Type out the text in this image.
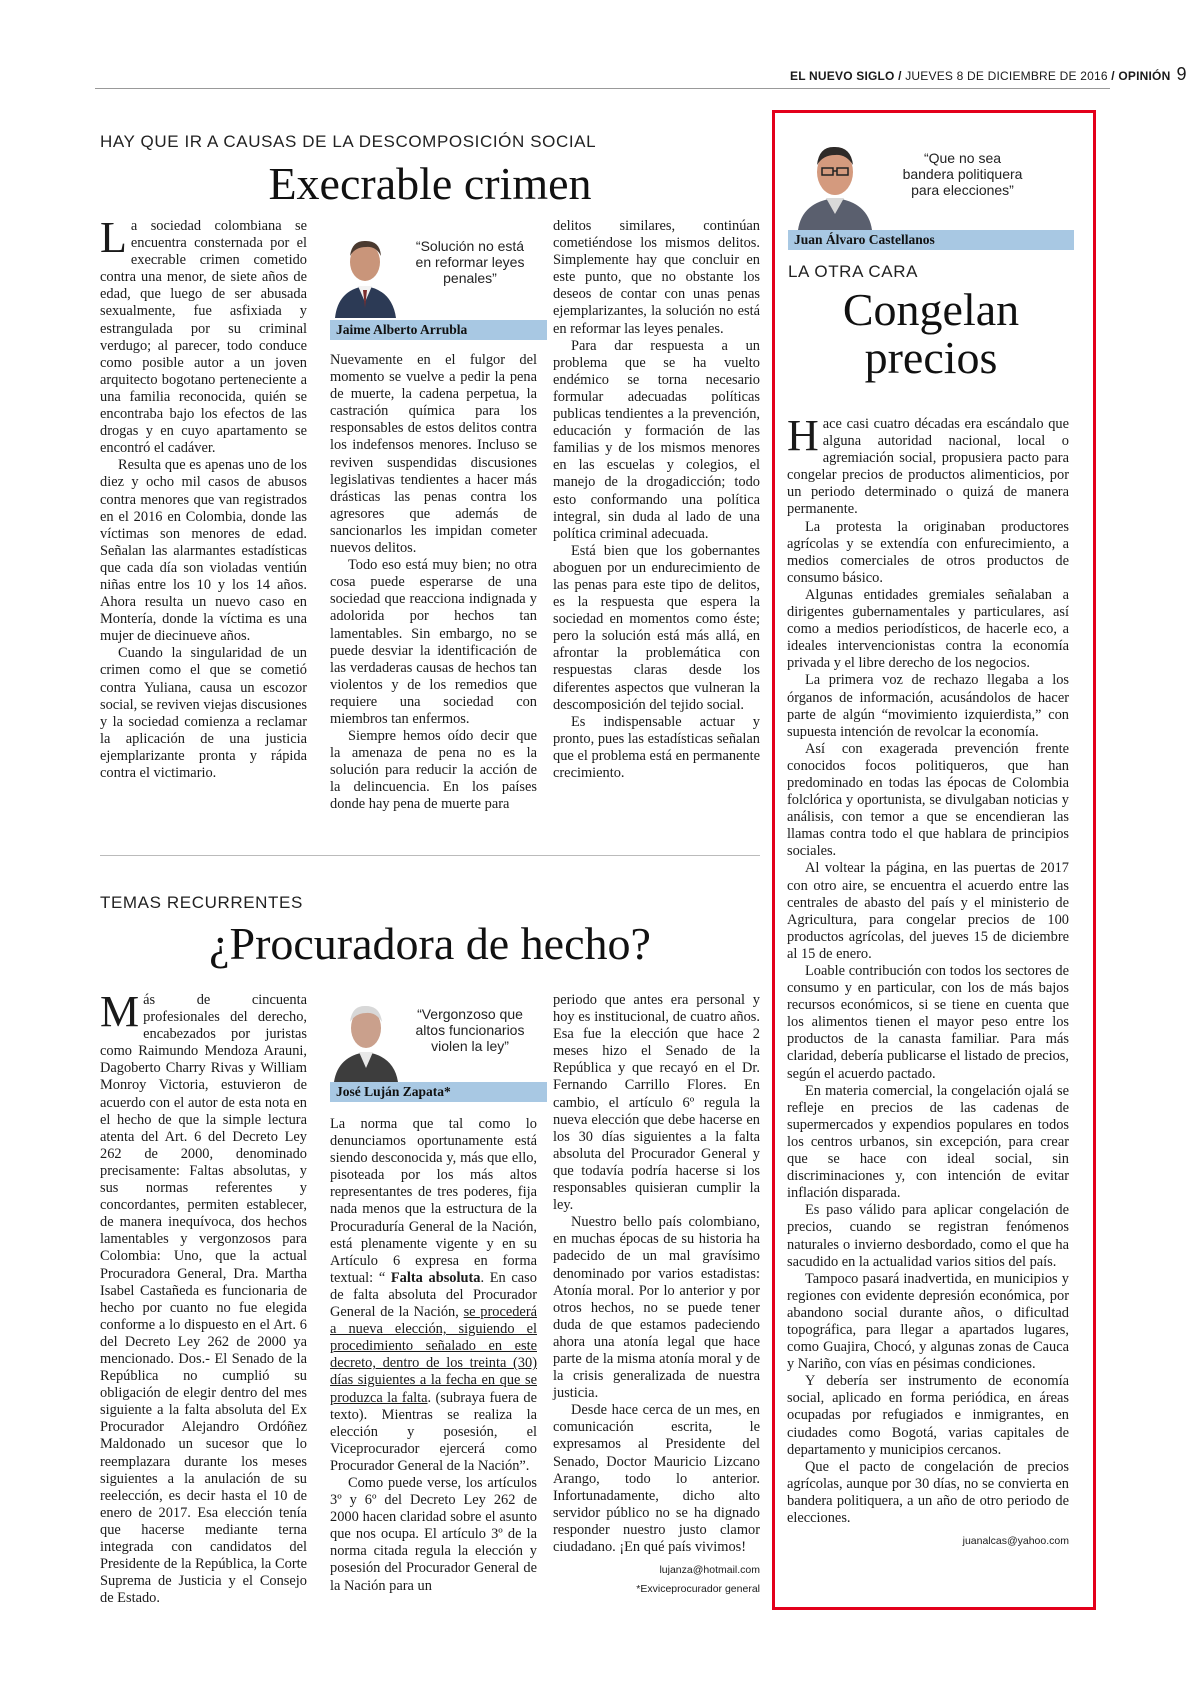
EL NUEVO SIGLO / JUEVES 8 DE DICIEMBRE DE 2016 / OPINIÓN 9
HAY QUE IR A CAUSAS DE LA DESCOMPOSICIÓN SOCIAL
Execrable crimen

La sociedad colombiana se encuentra consternada por el execrable crimen cometido contra una menor, de siete años de edad, que luego de ser abusada sexualmente, fue asfixiada y estrangulada por su criminal verdugo; al parecer, todo conduce como posible autor a un joven arquitecto bogotano perteneciente a una familia reconocida, quién se encontraba bajo los efectos de las drogas y en cuyo apartamento se encontró el cadáver.

Resulta que es apenas uno de los diez y ocho mil casos de abusos contra menores que van registrados en el 2016 en Colombia, donde las víctimas son menores de edad. Señalan las alarmantes estadísticas que cada día son violadas ventiún niñas entre los 10 y los 14 años. Ahora resulta un nuevo caso en Montería, donde la víctima es una mujer de diecinueve años.

Cuando la singularidad de un crimen como el que se cometió contra Yuliana, causa un escozor social, se reviven viejas discusiones y la sociedad comienza a reclamar la aplicación de una justicia ejemplarizante pronta y rápida contra el victimario.

“Solución no está en reformar leyes penales”
Jaime Alberto Arrubla

Nuevamente en el fulgor del momento se vuelve a pedir la pena de muerte, la cadena perpetua, la castración química para los responsables de estos delitos contra los indefensos menores. Incluso se reviven suspendidas discusiones legislativas tendientes a hacer más drásticas las penas contra los agresores que además de sancionarlos les impidan cometer nuevos delitos.

Todo eso está muy bien; no otra cosa puede esperarse de una sociedad que reacciona indignada y adolorida por hechos tan lamentables. Sin embargo, no se puede desviar la identificación de las verdaderas causas de hechos tan violentos y de los remedios que requiere una sociedad con miembros tan enfermos.

Siempre hemos oído decir que la amenaza de pena no es la solución para reducir la acción de la delincuencia. En los países donde hay pena de muerte para

delitos similares, continúan cometiéndose los mismos delitos. Simplemente hay que concluir en este punto, que no obstante los deseos de contar con unas penas ejemplarizantes, la solución no está en reformar las leyes penales.

Para dar respuesta a un problema que se ha vuelto endémico se torna necesario formular adecuadas políticas publicas tendientes a la prevención, educación y formación de las familias y de los mismos menores en las escuelas y colegios, el manejo de la drogadicción; todo esto conformando una política integral, sin duda al lado de una política criminal adecuada.

Está bien que los gobernantes aboguen por un endurecimiento de las penas para este tipo de delitos, es la respuesta que espera la sociedad en momentos como éste; pero la solución está más allá, en afrontar la problemática con respuestas claras desde los diferentes aspectos que vulneran la descomposición del tejido social.

Es indispensable actuar y pronto, pues las estadísticas señalan que el problema está en permanente crecimiento.

TEMAS RECURRENTES
¿Procuradora de hecho?

Más de cincuenta profesionales del derecho, encabezados por juristas como Raimundo Mendoza Arauni, Dagoberto Charry Rivas y William Monroy Victoria, estuvieron de acuerdo con el autor de esta nota en el hecho de que la simple lectura atenta del Art. 6 del Decreto Ley 262 de 2000, denominado precisamente: Faltas absolutas, y sus normas referentes y concordantes, permiten establecer, de manera inequívoca, dos hechos lamentables y vergonzosos para Colombia: Uno, que la actual Procuradora General, Dra. Martha Isabel Castañeda es funcionaria de hecho por cuanto no fue elegida conforme a lo dispuesto en el Art. 6 del Decreto Ley 262 de 2000 ya mencionado. Dos.- El Senado de la República no cumplió su obligación de elegir dentro del mes siguiente a la falta absoluta del Ex Procurador Alejandro Ordóñez Maldonado un sucesor que lo reemplazara durante los meses siguientes a la anulación de su reelección, es decir hasta el 10 de enero de 2017. Esa elección tenía que hacerse mediante terna integrada con candidatos del Presidente de la República, la Corte Suprema de Justicia y el Consejo de Estado.

“Vergonzoso que altos funcionarios violen la ley”
José Luján Zapata*

La norma que tal como lo denunciamos oportunamente está siendo desconocida y, más que ello, pisoteada por los más altos representantes de tres poderes, fija nada menos que la estructura de la Procuraduría General de la Nación, está plenamente vigente y en su Artículo 6 expresa en forma textual: “ Falta absoluta. En caso de falta absoluta del Procurador General de la Nación, se procederá a nueva elección, siguiendo el procedimiento señalado en este decreto, dentro de los treinta (30) días siguientes a la fecha en que se produzca la falta. (subraya fuera de texto). Mientras se realiza la elección y posesión, el Viceprocurador ejercerá como Procurador General de la Nación”.

Como puede verse, los artículos 3º y 6º del Decreto Ley 262 de 2000 hacen claridad sobre el asunto que nos ocupa. El artículo 3º de la norma citada regula la elección y posesión del Procurador General de la Nación para un

periodo que antes era personal y hoy es institucional, de cuatro años. Esa fue la elección que hace 2 meses hizo el Senado de la República y que recayó en el Dr. Fernando Carrillo Flores. En cambio, el artículo 6º regula la nueva elección que debe hacerse en los 30 días siguientes a la falta absoluta del Procurador General y que todavía podría hacerse si los responsables quisieran cumplir la ley.

Nuestro bello país colombiano, en muchas épocas de su historia ha padecido de un mal gravísimo denominado por varios estadistas: Atonía moral. Por lo anterior y por otros hechos, no se puede tener duda de que estamos padeciendo ahora una atonía legal que hace parte de la misma atonía moral y de la crisis generalizada de nuestra justicia.

Desde hace cerca de un mes, en comunicación escrita, le expresamos al Presidente del Senado, Doctor Mauricio Lizcano Arango, todo lo anterior. Infortunadamente, dicho alto servidor público no se ha dignado responder nuestro justo clamor ciudadano. ¡En qué país vivimos!

lujanza@hotmail.com
*Exviceprocurador general
“Que no sea bandera politiquera para elecciones”
Juan Álvaro Castellanos
LA OTRA CARA
Congelan
precios

Hace casi cuatro décadas era escándalo que alguna autoridad nacional, local o agremiación social, propusiera pacto para congelar precios de productos alimenticios, por un periodo determinado o quizá de manera permanente.

La protesta la originaban productores agrícolas y se extendía con enfurecimiento, a medios comerciales de otros productos de consumo básico.

Algunas entidades gremiales señalaban a dirigentes gubernamentales y particulares, así como a medios periodísticos, de hacerle eco, a ideales intervencionistas contra la economía privada y el libre derecho de los negocios.

La primera voz de rechazo llegaba a los órganos de información, acusándolos de hacer parte de algún “movimiento izquierdista,” con supuesta intención de revolcar la economía.

Así con exagerada prevención frente conocidos focos politiqueros, que han predominado en todas las épocas de Colombia folclórica y oportunista, se divulgaban noticias y análisis, con temor a que se encendieran las llamas contra todo el que hablara de principios sociales.

Al voltear la página, en las puertas de 2017 con otro aire, se encuentra el acuerdo entre las centrales de abasto del país y el ministerio de Agricultura, para congelar precios de 100 productos agrícolas, del jueves 15 de diciembre al 15 de enero.

Loable contribución con todos los sectores de consumo y en particular, con los de más bajos recursos económicos, si se tiene en cuenta que los alimentos tienen el mayor peso entre los productos de la canasta familiar. Para más claridad, debería publicarse el listado de precios, según el acuerdo pactado.

En materia comercial, la congelación ojalá se refleje en precios de las cadenas de supermercados y expendios populares en todos los centros urbanos, sin excepción, para crear que se hace con ideal social, sin discriminaciones y, con intención de evitar inflación disparada.

Es paso válido para aplicar congelación de precios, cuando se registran fenómenos naturales o invierno desbordado, como el que ha sacudido en la actualidad varios sitios del país.

Tampoco pasará inadvertida, en municipios y regiones con evidente depresión económica, por abandono social durante años, o dificultad topográfica, para llegar a apartados lugares, como Guajira, Chocó, y algunas zonas de Cauca y Nariño, con vías en pésimas condiciones.

Y debería ser instrumento de economía social, aplicado en forma periódica, en áreas ocupadas por refugiados e inmigrantes, en ciudades como Bogotá, varias capitales de departamento y municipios cercanos.

Que el pacto de congelación de precios agrícolas, aunque por 30 días, no se convierta en bandera politiquera, a un año de otro periodo de elecciones.

juanalcas@yahoo.com
